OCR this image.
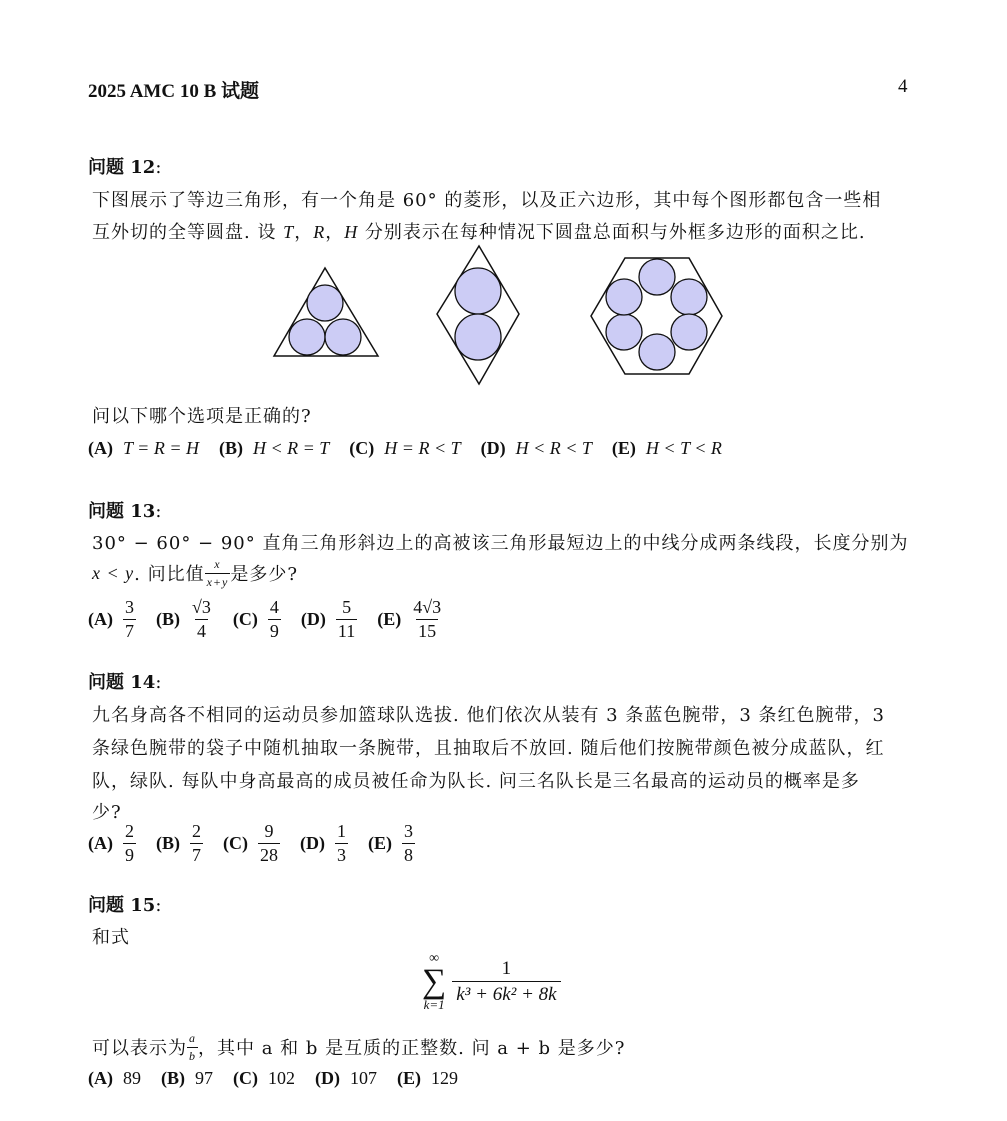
2025 AMC 10 B 试题	4
问题 12:
下图展示了等边三角形，有一个角是 60° 的菱形，以及正六边形，其中每个图形都包含一些相
互外切的全等圆盘. 设 T，R，H 分别表示在每种情况下圆盘总面积与外框多边形的面积之比.
问以下哪个选项是正确的?
(A) T = R = H (B) H < R = T (C) H = R < T (D) H < R < T (E) H < T < R
问题 13:
30° − 60° − 90° 直角三角形斜边上的高被该三角形最短边上的中线分成两条线段，长度分别为
x < y . 问比值 $\frac{x}{x+y}$ 是多少?
$(A) \frac{3}{7} (B) \frac{√3}{4} (C) \frac{4}{9} (D) \frac{5}{11} (E) \frac{4√3}{15}$
问题 14:
九名身高各不相同的运动员参加篮球队选拔. 他们依次从装有 3 条蓝色腕带，3 条红色腕带，3
条绿色腕带的袋子中随机抽取一条腕带，且抽取后不放回. 随后他们按腕带颜色被分成蓝队，红
队，绿队. 每队中身高最高的成员被任命为队长. 问三名队长是三名最高的运动员的概率是多
少?
$(A) \frac{2}{9} (B) \frac{2}{7} (C) \frac{9}{28} (D) \frac{1}{3} (E) \frac{3}{8}$
问题 15:
和式
∞
∑
$k=1 \frac{1}{\text{k³ + 6k² + 8k}}$
可以表示为 $\frac{a}{b}$ ，其中 a 和 b 是互质的正整数. 问 a + b 是多少?
(A) 89 (B) 97 (C) 102 (D) 107 (E) 129
